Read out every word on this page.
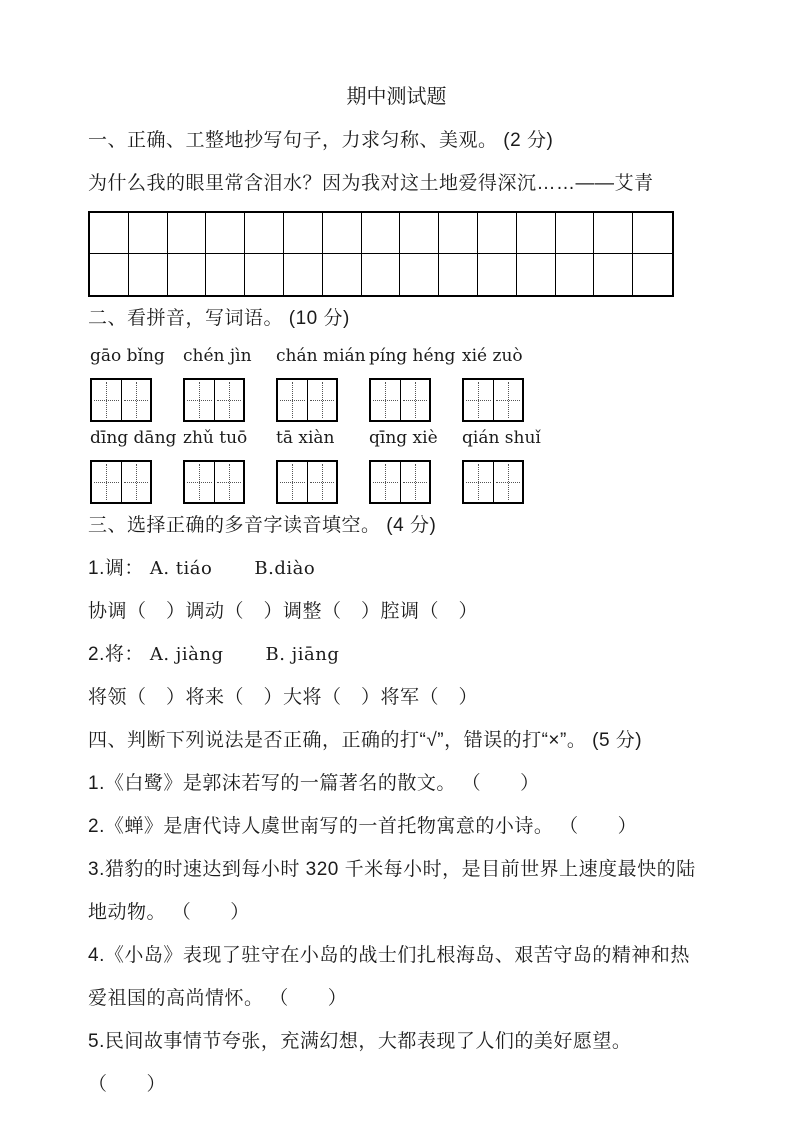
期中测试题

一、正确、工整地抄写句子，力求匀称、美观。 (2 分)

为什么我的眼里常含泪水？因为我对这土地爱得深沉……——艾青

二、看拼音，写词语。 (10 分)

gāo bǐng chén jìn chán mián píng héng xié zuò
dīng dāng zhǔ tuō tā xiàn qīng xiè qián shuǐ

三、选择正确的多音字读音填空。 (4 分)

1.调： A. tiáo B.diào

协调（　）调动（　）调整（　）腔调（　）

2.将： A. jiàng B. jiāng

将领（　）将来（　）大将（　）将军（　）

四、判断下列说法是否正确，正确的打“√”，错误的打“×”。 (5 分)

1.《白鹭》是郭沫若写的一篇著名的散文。 （　　）

2.《蝉》是唐代诗人虞世南写的一首托物寓意的小诗。 （　　）

3.猎豹的时速达到每小时 320 千米每小时，是目前世界上速度最快的陆地动物。 （　　）

4.《小岛》表现了驻守在小岛的战士们扎根海岛、艰苦守岛的精神和热爱祖国的高尚情怀。 （　　）

5.民间故事情节夸张，充满幻想，大都表现了人们的美好愿望。 （　　）
